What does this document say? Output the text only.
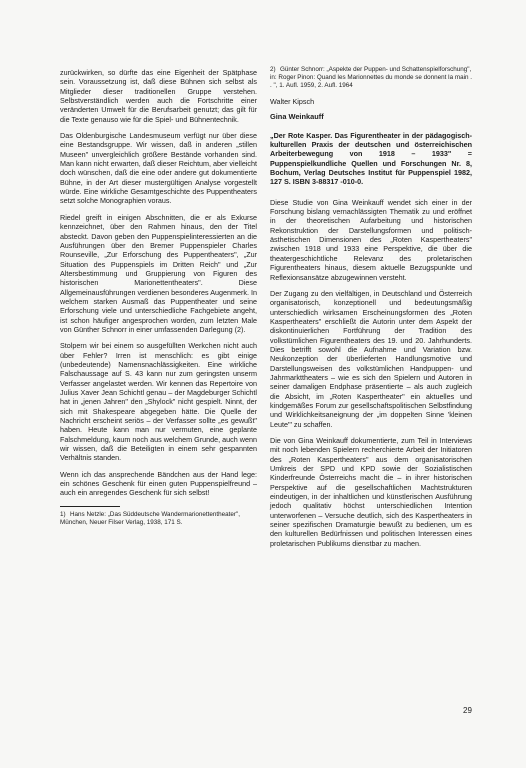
zurückwirken, so dürfte das eine Eigenheit der Spätphase sein. Voraussetzung ist, daß diese Bühnen sich selbst als Mitglieder dieser traditionellen Gruppe verstehen. Selbstverständlich werden auch die Fortschritte einer veränderten Umwelt für die Berufsarbeit genutzt; das gilt für die Texte genauso wie für die Spiel- und Bühnentechnik.

Das Oldenburgische Landesmuseum verfügt nur über diese eine Bestandsgruppe. Wir wissen, daß in anderen „stillen Museen" unvergleichlich größere Bestände vorhanden sind. Man kann nicht erwarten, daß dieser Reichtum, aber vielleicht doch wünschen, daß die eine oder andere gut dokumentierte Bühne, in der Art dieser mustergültigen Analyse vorgestellt würde. Eine wirkliche Gesamtgeschichte des Puppentheaters setzt solche Monographien voraus.

Riedel greift in einigen Abschnitten, die er als Exkurse kennzeichnet, über den Rahmen hinaus, den der Titel absteckt. Davon geben den Puppenspielinteressierten an die Ausführungen über den Bremer Puppenspieler Charles Rounseville, „Zur Erforschung des Puppentheaters", „Zur Situation des Puppenspiels im Dritten Reich" und „Zur Altersbestimmung und Gruppierung von Figuren des historischen Marionettentheaters". Diese Allgemeinausführungen verdienen besonderes Augenmerk. In welchem starken Ausmaß das Puppentheater und seine Erforschung viele und unterschiedliche Fachgebiete angeht, ist schon häufiger angesprochen worden, zum letzten Male von Günther Schnorr in einer umfassenden Darlegung (2).

Stolpern wir bei einem so ausgefüllten Werkchen nicht auch über Fehler? Irren ist menschlich: es gibt einige (unbedeutende) Namensnachlässigkeiten. Eine wirkliche Falschaussage auf S. 43 kann nur zum geringsten unserm Verfasser angelastet werden. Wir kennen das Repertoire von Julius Xaver Jean Schichtl genau – der Magdeburger Schichtl hat in „jenen Jahren" den „Shylock" nicht gespielt. Ninnt, der sich mit Shakespeare abgegeben hätte. Die Quelle der Nachricht erscheint seriös – der Verfasser sollte „es gewußt" haben. Heute kann man nur vermuten, eine geplante Falschmeldung, kaum noch aus welchem Grunde, auch wenn wir wissen, daß die Beteiligten in einem sehr gespannten Verhältnis standen.

Wenn ich das ansprechende Bändchen aus der Hand lege: ein schönes Geschenk für einen guten Puppenspielfreund – auch ein anregendes Geschenk für sich selbst!

1) Hans Netzle: „Das Süddeutsche Wandermarionettentheater", München, Neuer Filser Verlag, 1938, 171 S.
2) Günter Schnorr: „Aspekte der Puppen- und Schattenspielforschung", in: Roger Pinon: Quand les Marionnettes du monde se donnent la main . . ", 1. Aufl. 1959, 2. Aufl. 1964
Walter Kipsch
Gina Weinkauff
„Der Rote Kasper. Das Figurentheater in der pädagogisch-kulturellen Praxis der deutschen und österreichischen Arbeiterbewegung von 1918 – 1933" = Puppenspielkundliche Quellen und Forschungen Nr. 8, Bochum, Verlag Deutsches Institut für Puppenspiel 1982, 127 S. ISBN 3-88317 -010-0.

Diese Studie von Gina Weinkauff wendet sich einer in der Forschung bislang vernachlässigten Thematik zu und eröffnet in der theoretischen Aufarbeitung und historischen Rekonstruktion der Darstellungsformen und politisch-ästhetischen Dimensionen des „Roten Kaspertheaters" zwischen 1918 und 1933 eine Perspektive, die über die theatergeschichtliche Relevanz des proletarischen Figurentheaters hinaus, diesem aktuelle Bezugspunkte und Reflexionsansätze abzugewinnen versteht.

Der Zugang zu den vielfältigen, in Deutschland und Österreich organisatorisch, konzeptionell und bedeutungsmäßig unterschiedlich wirksamen Erscheinungsformen des „Roten Kaspertheaters" erschließt die Autorin unter dem Aspekt der diskontinuierlichen Fortführung der Tradition des volkstümlichen Figurentheaters des 19. und 20. Jahrhunderts. Dies betrifft sowohl die Aufnahme und Variation bzw. Neukonzeption der überlieferten Handlungsmotive und Darstellungsweisen des volkstümlichen Handpuppen- und Jahrmarkttheaters – wie es sich den Spielern und Autoren in seiner damaligen Endphase präsentierte – als auch zugleich die Absicht, im „Roten Kaspertheater" ein aktuelles und kindgemäßes Forum zur gesellschaftspolitischen Selbstfindung und Wirklichkeitsaneignung der „im doppelten Sinne 'kleinen Leute'" zu schaffen.

Die von Gina Weinkauff dokumentierte, zum Teil in Interviews mit noch lebenden Spielern recherchierte Arbeit der Initiatoren des „Roten Kaspertheaters" aus dem organisatorischen Umkreis der SPD und KPD sowie der Sozialistischen Kinderfreunde Österreichs macht die – in ihrer historischen Perspektive auf die gesellschaftlichen Machtstrukturen eindeutigen, in der inhaltlichen und künstlerischen Ausführung jedoch qualitativ höchst unterschiedlichen Intention unterworfenen – Versuche deutlich, sich des Kaspertheaters in seiner spezifischen Dramaturgie bewußt zu bedienen, um es den kulturellen Bedürfnissen und politischen Interessen eines proletarischen Publikums dienstbar zu machen.

29
